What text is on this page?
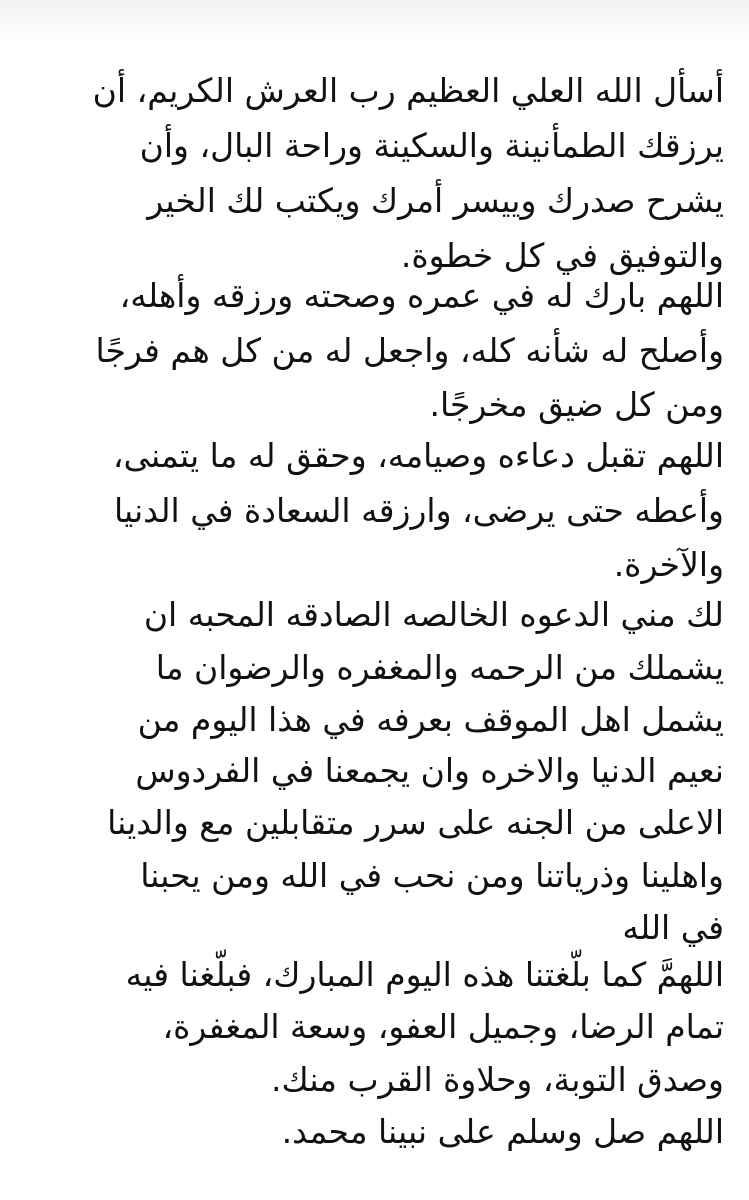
أسأل الله العلي العظيم رب العرش الكريم، أن
يرزقك الطمأنينة والسكينة وراحة البال، وأن
يشرح صدرك وييسر أمرك ويكتب لك الخير
والتوفيق في كل خطوة.
اللهم بارك له في عمره وصحته ورزقه وأهله،
وأصلح له شأنه كله، واجعل له من كل هم فرجًا
ومن كل ضيق مخرجًا.
اللهم تقبل دعاءه وصيامه، وحقق له ما يتمنى،
وأعطه حتى يرضى، وارزقه السعادة في الدنيا
والآخرة.
لك مني الدعوه الخالصه الصادقه المحبه ان
يشملك من الرحمه والمغفره والرضوان ما
يشمل اهل الموقف بعرفه في هذا اليوم من
نعيم الدنيا والاخره وان يجمعنا في الفردوس
الاعلى من الجنه على سرر متقابلين مع والدينا
واهلينا وذرياتنا ومن نحب في الله ومن يحبنا
في الله
اللهمَّ كما بلّغتنا هذه اليوم المبارك، فبلّغنا فيه
تمام الرضا، وجميل العفو، وسعة المغفرة،
وصدق التوبة، وحلاوة القرب منك.
اللهم صل وسلم على نبينا محمد.
